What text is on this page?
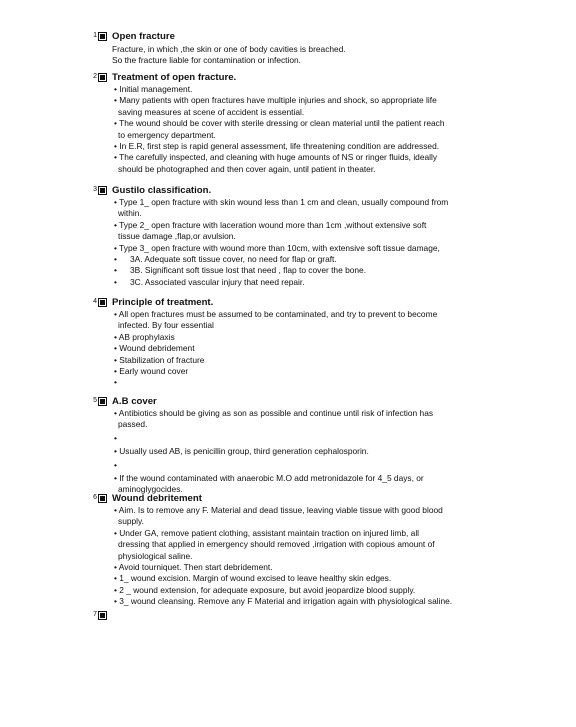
1 Open fracture
Fracture, in which ,the skin or one of body cavities is breached.
So the fracture liable for contamination or infection.
2 Treatment of open fracture.
• Initial management.
• Many patients with open fractures have multiple injuries and shock, so appropriate life
saving measures at scene of accident is essential.
• The wound should be cover with sterile dressing or clean material until the patient reach
to emergency department.
• In E.R, first step is rapid general assessment, life threatening condition are addressed.
• The carefully inspected, and cleaning with huge amounts of NS or ringer fluids, ideally
should be photographed and then cover again, until patient in theater.
3 Gustilo classification.
• Type 1_ open fracture with skin wound less than 1 cm and clean, usually compound from
within.
• Type 2_ open fracture with laceration wound more than 1cm ,without extensive soft
tissue damage ,flap,or avulsion.
• Type 3_ open fracture with wound more than 10cm, with extensive soft tissue damage,
• 3A. Adequate soft tissue cover, no need for flap or graft.
• 3B. Significant soft tissue lost that need , flap to cover the bone.
• 3C. Associated vascular injury that need repair.
4 Principle of treatment.
• All open fractures must be assumed to be contaminated, and try to prevent to become
infected. By four essential
• AB prophylaxis
• Wound debridement
• Stabilization of fracture
• Early wound cover
•
5 A.B cover
• Antibiotics should be giving as son as possible and continue until risk of infection has
passed.
•
• Usually used AB, is penicillin group, third generation cephalosporin.
•
• If the wound contaminated with anaerobic M.O add metronidazole for 4_5 days, or
aminoglygocides.
6 Wound debritement
• Aim. Is to remove any F. Material and dead tissue, leaving viable tissue with good blood
supply.
• Under GA, remove patient clothing, assistant maintain traction on injured limb, all
dressing that applied in emergency should removed ,irrigation with copious amount of
physiological saline.
• Avoid tourniquet. Then start debridement.
• 1_ wound excision. Margin of wound excised to leave healthy skin edges.
• 2 _ wound extension, for adequate exposure, but avoid jeopardize blood supply.
• 3_ wound cleansing. Remove any F Material and irrigation again with physiological saline.
7
